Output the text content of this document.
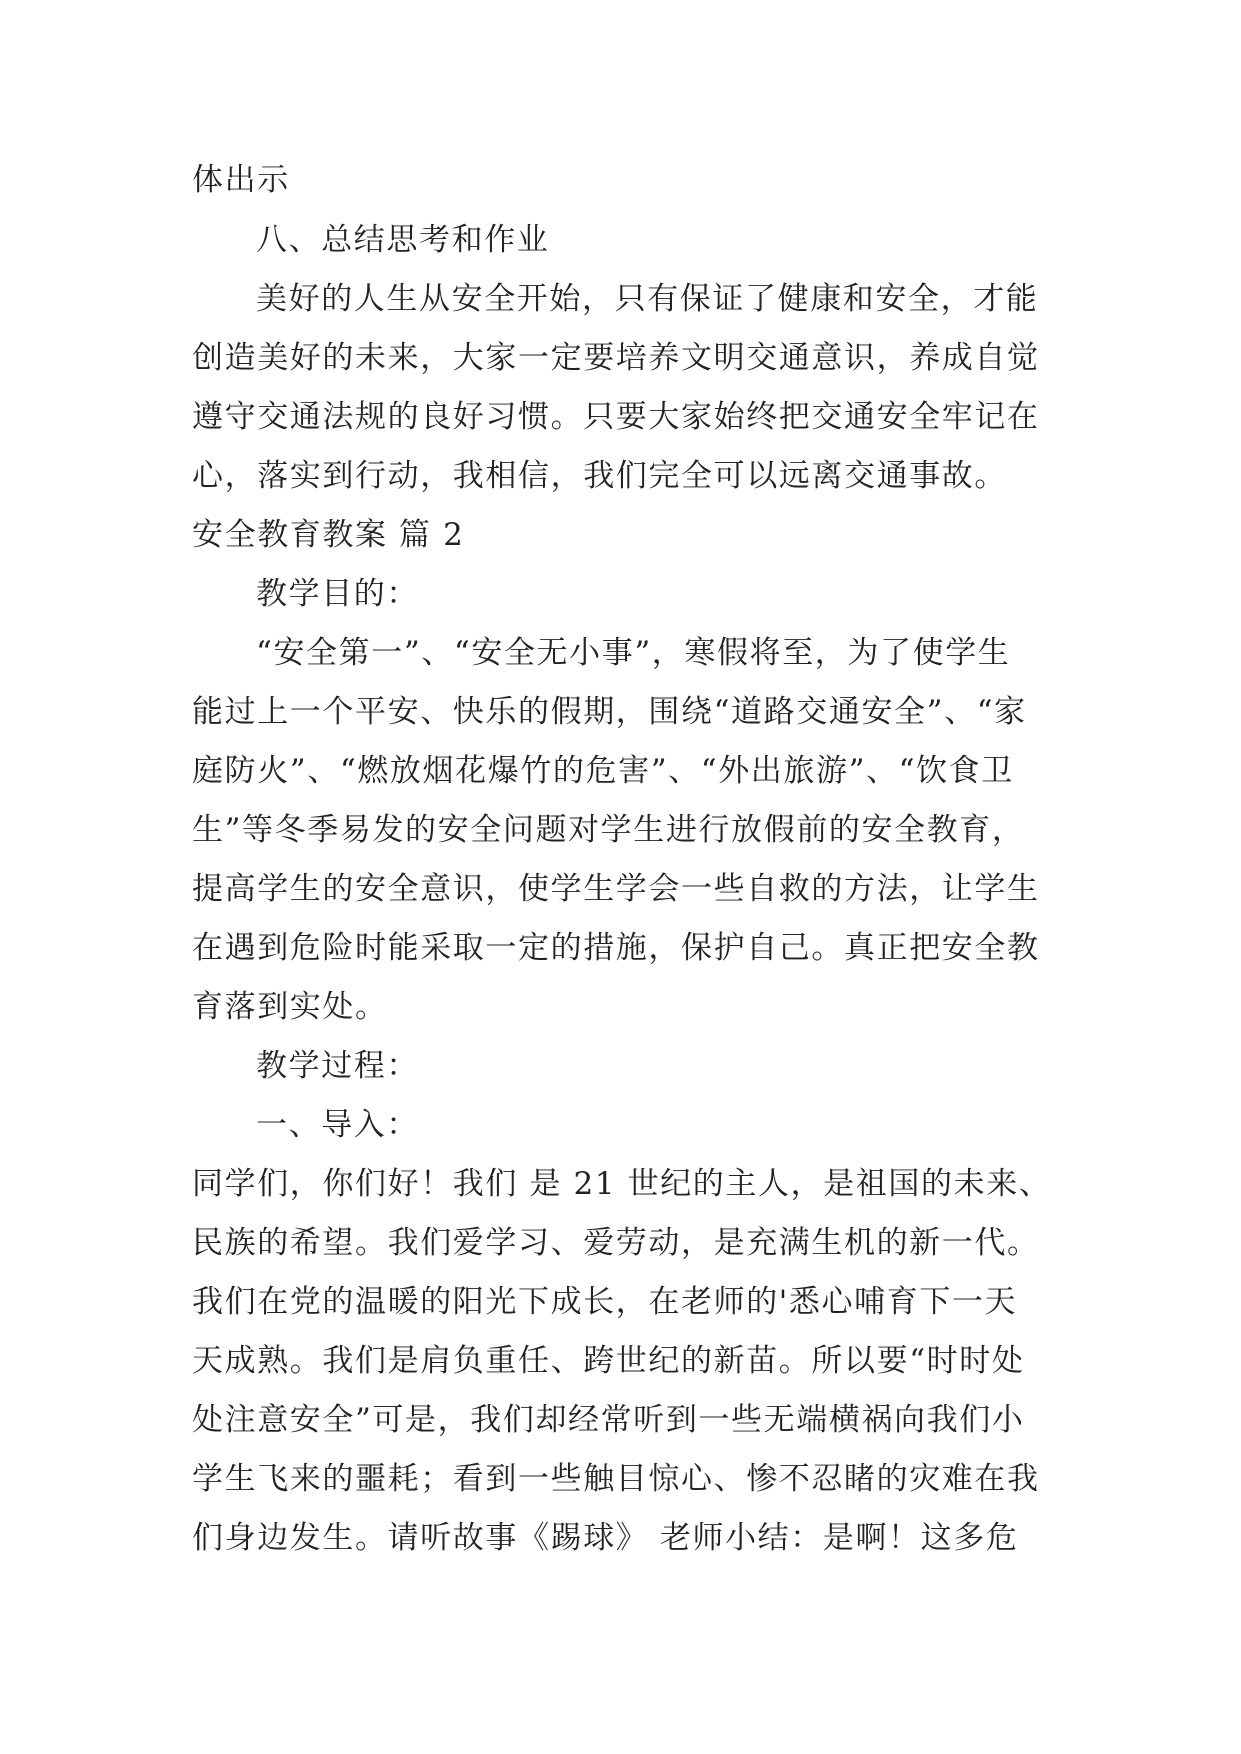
体出示
八、总结思考和作业
美好的人生从安全开始，只有保证了健康和安全，才能
创造美好的未来，大家一定要培养文明交通意识，养成自觉
遵守交通法规的良好习惯。只要大家始终把交通安全牢记在
心，落实到行动，我相信，我们完全可以远离交通事故。
安全教育教案 篇 2
教学目的：
“安全第一”、“安全无小事”，寒假将至，为了使学生
能过上一个平安、快乐的假期，围绕“道路交通安全”、“家
庭防火”、“燃放烟花爆竹的危害”、“外出旅游”、“饮食卫
生”等冬季易发的安全问题对学生进行放假前的安全教育，
提高学生的安全意识，使学生学会一些自救的方法，让学生
在遇到危险时能采取一定的措施，保护自己。真正把安全教
育落到实处。
教学过程：
一、导入：
同学们，你们好！我们 是 21 世纪的主人，是祖国的未来、
民族的希望。我们爱学习、爱劳动，是充满生机的新一代。
我们在党的温暖的阳光下成长，在老师的'悉心哺育下一天
天成熟。我们是肩负重任、跨世纪的新苗。所以要“时时处
处注意安全”可是，我们却经常听到一些无端横祸向我们小
学生飞来的噩耗；看到一些触目惊心、惨不忍睹的灾难在我
们身边发生。请听故事《踢球》 老师小结：是啊！这多危
